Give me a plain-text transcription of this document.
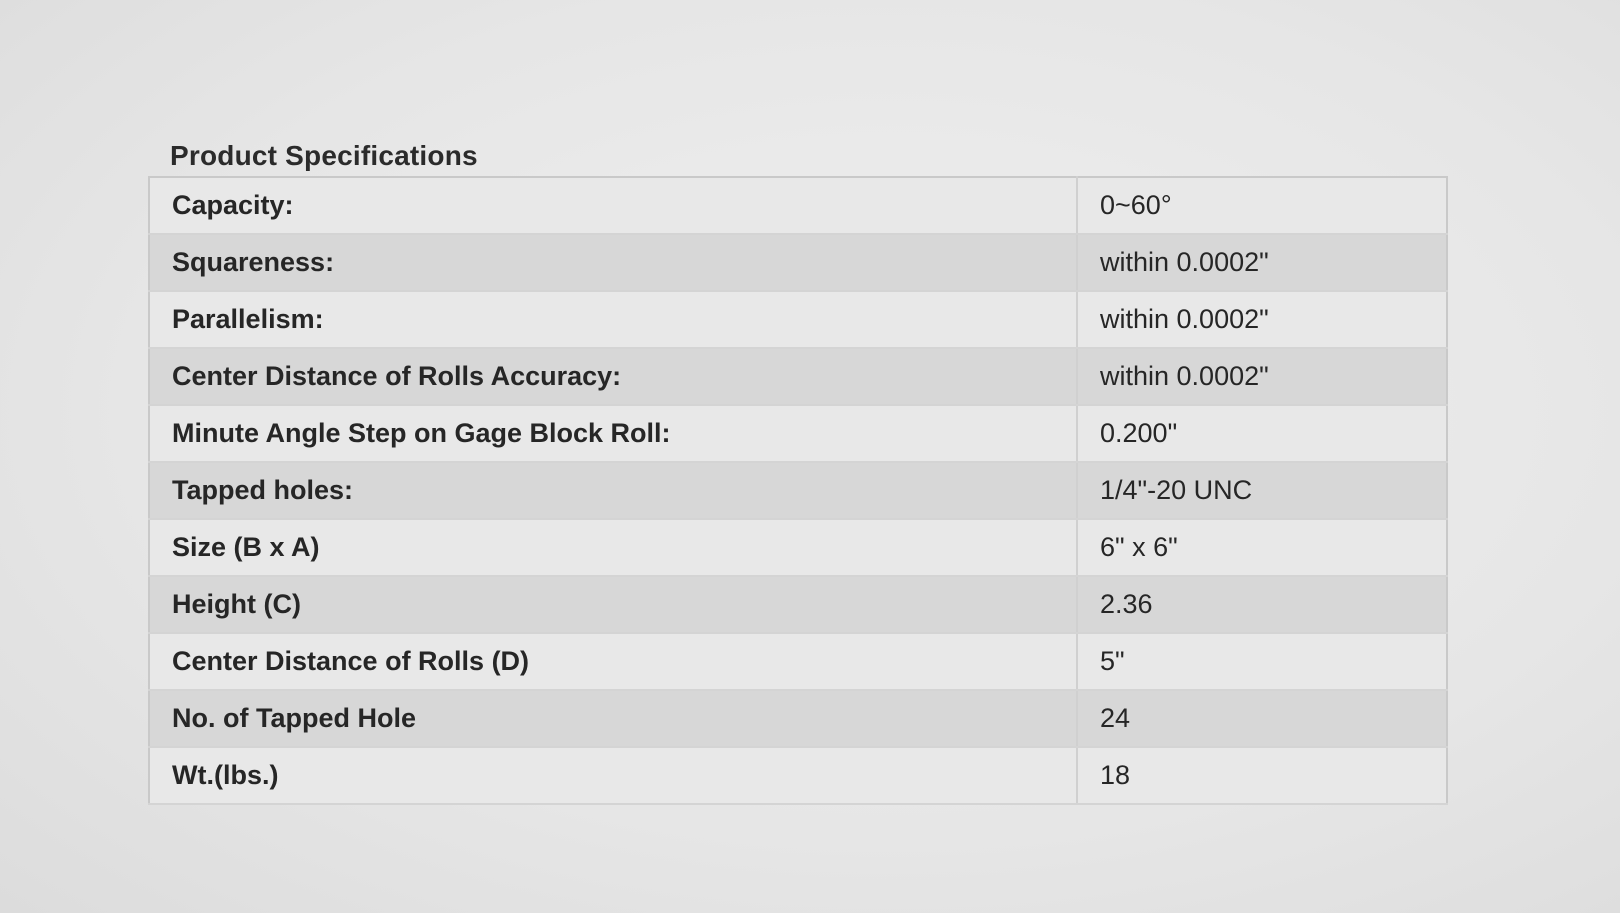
Product Specifications
Capacity:	0~60°
Squareness:	within 0.0002"
Parallelism:	within 0.0002"
Center Distance of Rolls Accuracy:	within 0.0002"
Minute Angle Step on Gage Block Roll:	0.200"
Tapped holes:	1/4"-20 UNC
Size (B x A)	6" x 6"
Height (C)	2.36
Center Distance of Rolls (D)	5"
No. of Tapped Hole	24
Wt.(lbs.)	18
